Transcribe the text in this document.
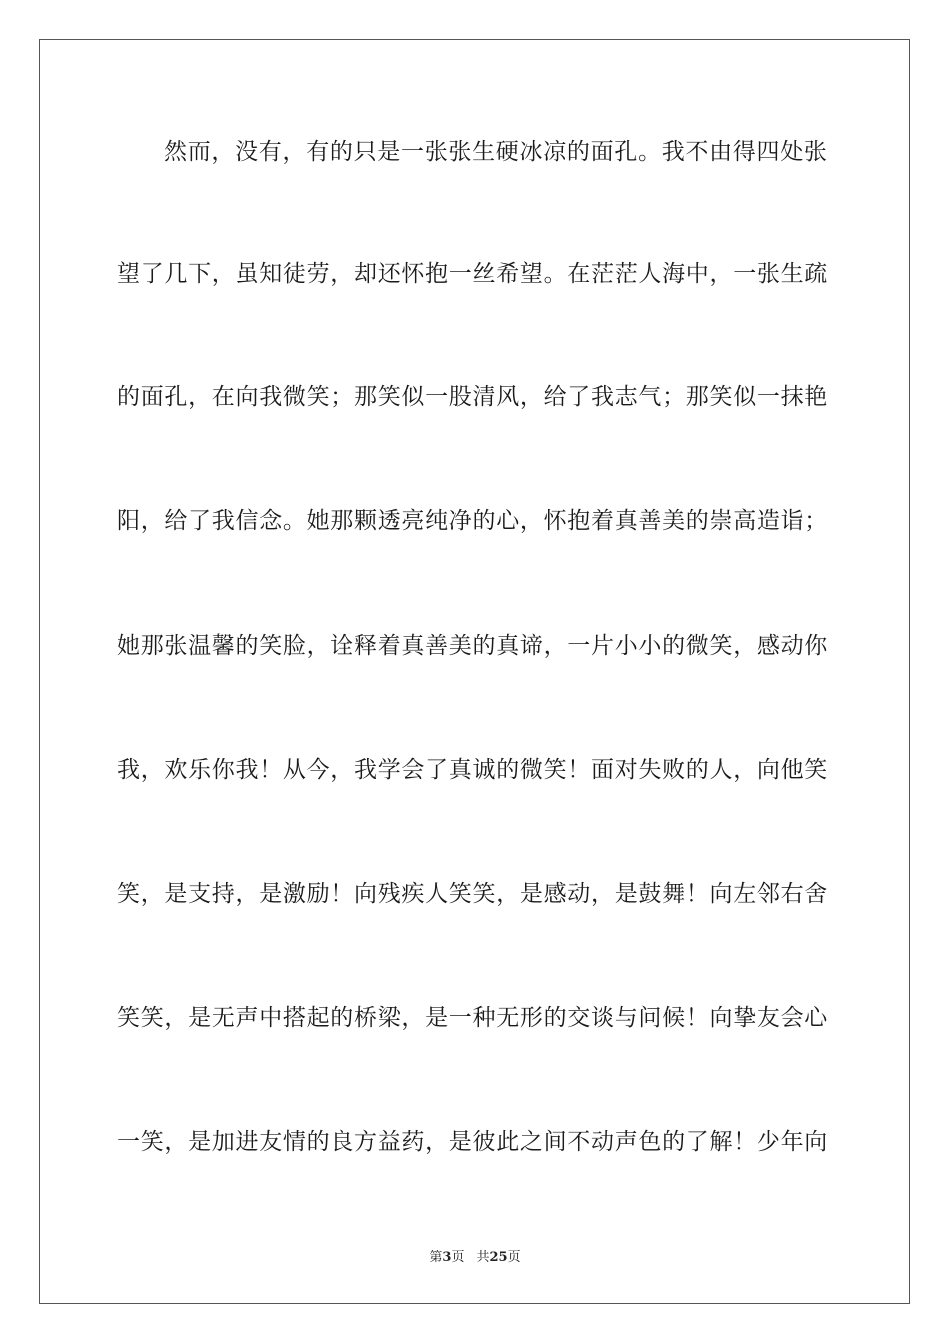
然而，没有，有的只是一张张生硬冰凉的面孔。我不由得四处张
望了几下，虽知徒劳，却还怀抱一丝希望。在茫茫人海中，一张生疏
的面孔，在向我微笑；那笑似一股清风，给了我志气；那笑似一抹艳
阳，给了我信念。她那颗透亮纯净的心，怀抱着真善美的崇高造诣；
她那张温馨的笑脸，诠释着真善美的真谛，一片小小的微笑，感动你
我，欢乐你我！从今，我学会了真诚的微笑！面对失败的人，向他笑
笑，是支持，是激励！向残疾人笑笑，是感动，是鼓舞！向左邻右舍
笑笑，是无声中搭起的桥梁，是一种无形的交谈与问候！向挚友会心
一笑，是加进友情的良方益药，是彼此之间不动声色的了解！少年向
第3页 共25页
